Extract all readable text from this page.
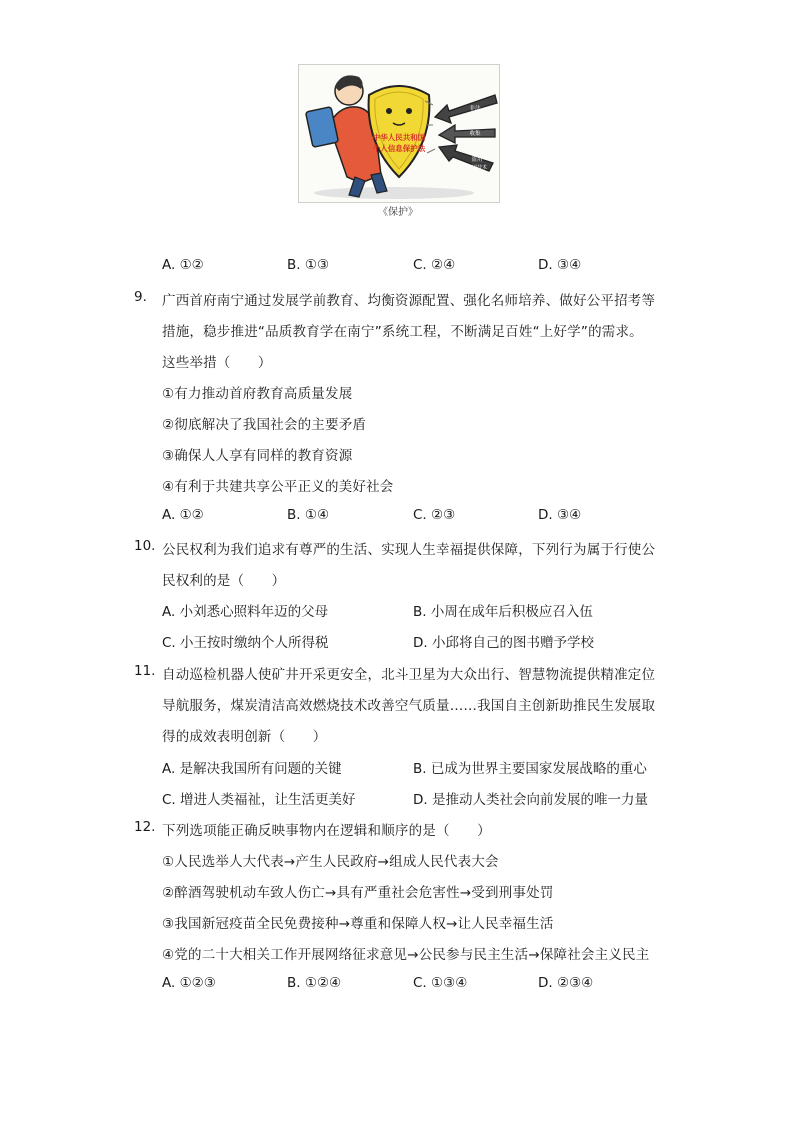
中华人民共和国
个人信息保护法
非法
收集
盗用
识别技术
《保护》
A. ①②	B. ①③	C. ②④	D. ③④
9. 广西首府南宁通过发展学前教育、均衡资源配置、强化名师培养、做好公平招考等
措施，稳步推进“品质教育学在南宁”系统工程，不断满足百姓“上好学”的需求。
这些举措（　　）
①有力推动首府教育高质量发展
②彻底解决了我国社会的主要矛盾
③确保人人享有同样的教育资源
④有利于共建共享公平正义的美好社会
A. ①②	B. ①④	C. ②③	D. ③④
10. 公民权利为我们追求有尊严的生活、实现人生幸福提供保障，下列行为属于行使公
民权利的是（　　）
A. 小刘悉心照料年迈的父母	B. 小周在成年后积极应召入伍
C. 小王按时缴纳个人所得税	D. 小邱将自己的图书赠予学校
11. 自动巡检机器人使矿井开采更安全，北斗卫星为大众出行、智慧物流提供精准定位
导航服务，煤炭清洁高效燃烧技术改善空气质量……我国自主创新助推民生发展取
得的成效表明创新（　　）
A. 是解决我国所有问题的关键	B. 已成为世界主要国家发展战略的重心
C. 增进人类福祉，让生活更美好	D. 是推动人类社会向前发展的唯一力量
12. 下列选项能正确反映事物内在逻辑和顺序的是（　　）
①人民选举人大代表→产生人民政府→组成人民代表大会
②醉酒驾驶机动车致人伤亡→具有严重社会危害性→受到刑事处罚
③我国新冠疫苗全民免费接种→尊重和保障人权→让人民幸福生活
④党的二十大相关工作开展网络征求意见→公民参与民主生活→保障社会主义民主
A. ①②③	B. ①②④	C. ①③④	D. ②③④
